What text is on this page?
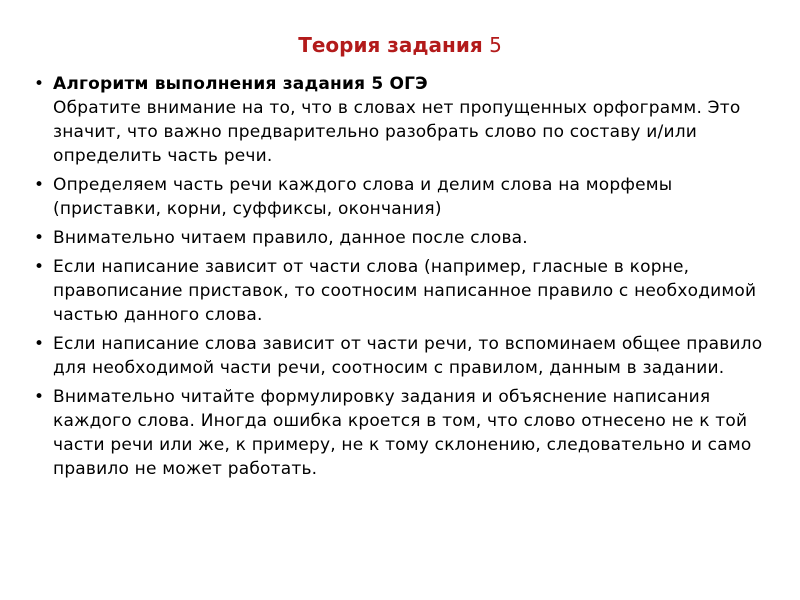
Теория задания 5
• Алгоритм выполнения задания 5 ОГЭ
Обратите внимание на то, что в словах нет пропущенных орфограмм. Это значит, что важно предварительно разобрать слово по составу и/или определить часть речи.
• Определяем часть речи каждого слова и делим слова на морфемы (приставки, корни, суффиксы, окончания)
• Внимательно читаем правило, данное после слова.
• Если написание зависит от части слова (например, гласные в корне, правописание приставок, то соотносим написанное правило с необходимой частью данного слова.
• Если написание слова зависит от части речи, то вспоминаем общее правило для необходимой части речи, соотносим с правилом, данным в задании.
• Внимательно читайте формулировку задания и объяснение написания каждого слова. Иногда ошибка кроется в том, что слово отнесено не к той части речи или же, к примеру, не к тому склонению, следовательно и само правило не может работать.
